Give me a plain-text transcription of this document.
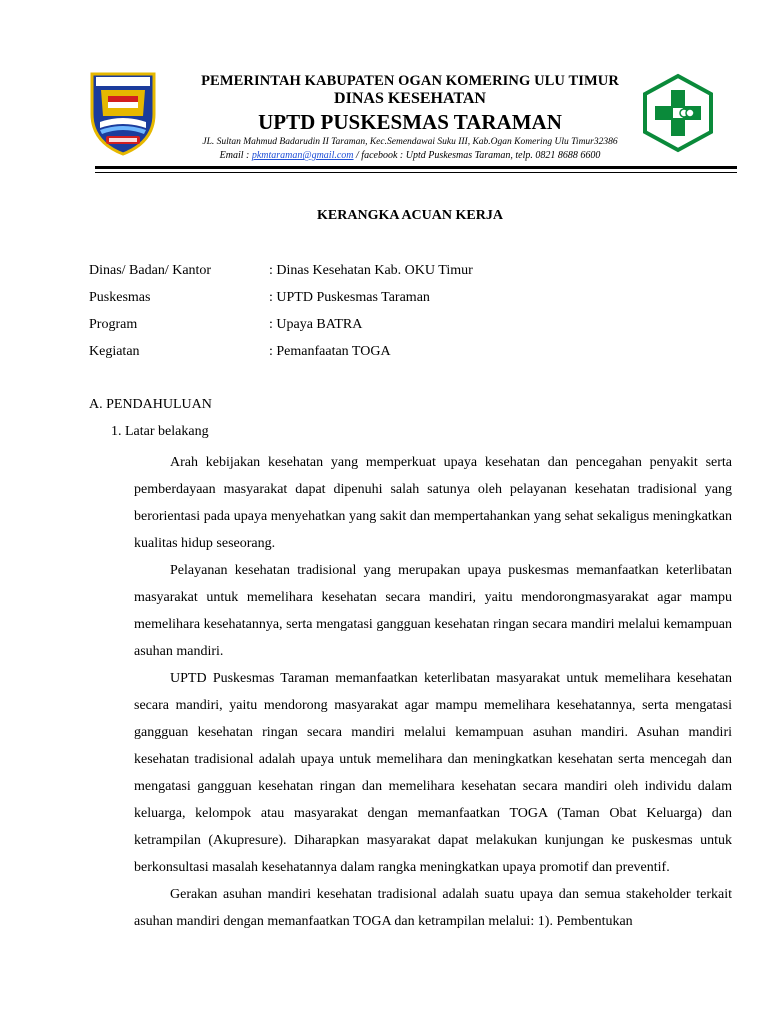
PEMERINTAH KABUPATEN OGAN KOMERING ULU TIMUR
DINAS KESEHATAN
UPTD PUSKESMAS TARAMAN
JL. Sultan Mahmud Badarudin II Taraman, Kec.Semendawai Suku III, Kab.Ogan Komering Ulu Timur32386
Email : pkmtaraman@gmail.com / facebook : Uptd Puskesmas Taraman, telp. 0821 8688 6600
KERANGKA ACUAN KERJA
Dinas/ Badan/ Kantor	: Dinas Kesehatan Kab. OKU Timur
Puskesmas	: UPTD Puskesmas Taraman
Program	: Upaya BATRA
Kegiatan	: Pemanfaatan TOGA
A. PENDAHULUAN
1. Latar belakang

Arah kebijakan kesehatan yang memperkuat upaya kesehatan dan pencegahan penyakit serta pemberdayaan masyarakat dapat dipenuhi salah satunya oleh pelayanan kesehatan tradisional yang berorientasi pada upaya menyehatkan yang sakit dan mempertahankan yang sehat sekaligus meningkatkan kualitas hidup seseorang.

Pelayanan kesehatan tradisional yang merupakan upaya puskesmas memanfaatkan keterlibatan masyarakat untuk memelihara kesehatan secara mandiri, yaitu mendorongmasyarakat agar mampu memelihara kesehatannya, serta mengatasi gangguan kesehatan ringan secara mandiri melalui kemampuan asuhan mandiri.

UPTD Puskesmas Taraman memanfaatkan keterlibatan masyarakat untuk memelihara kesehatan secara mandiri, yaitu mendorong masyarakat agar mampu memelihara kesehatannya, serta mengatasi gangguan kesehatan ringan secara mandiri melalui kemampuan asuhan mandiri. Asuhan mandiri kesehatan tradisional adalah upaya untuk memelihara dan meningkatkan kesehatan serta mencegah dan mengatasi gangguan kesehatan ringan dan memelihara kesehatan secara mandiri oleh individu dalam keluarga, kelompok atau masyarakat dengan memanfaatkan TOGA (Taman Obat Keluarga) dan ketrampilan (Akupresure). Diharapkan masyarakat dapat melakukan kunjungan ke puskesmas untuk berkonsultasi masalah kesehatannya dalam rangka meningkatkan upaya promotif dan preventif.

Gerakan asuhan mandiri kesehatan tradisional adalah suatu upaya dan semua stakeholder terkait asuhan mandiri dengan memanfaatkan TOGA dan ketrampilan melalui: 1). Pembentukan
